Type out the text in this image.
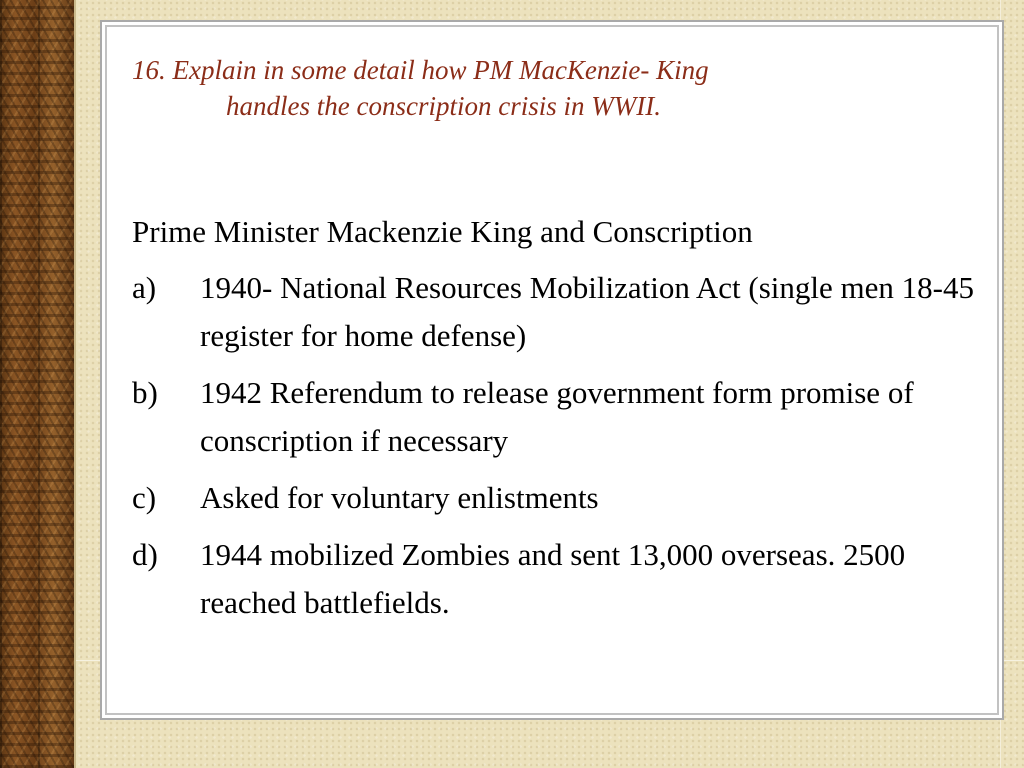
16. Explain in some detail how PM MacKenzie- King
handles the conscription crisis in WWII.
Prime Minister Mackenzie King and Conscription
a)	1940- National Resources Mobilization Act (single men 18-45 register for home defense)
b)	1942 Referendum to release government form promise of conscription if necessary
c)	Asked for voluntary enlistments
d)	1944 mobilized Zombies and sent 13,000 overseas. 2500 reached battlefields.
